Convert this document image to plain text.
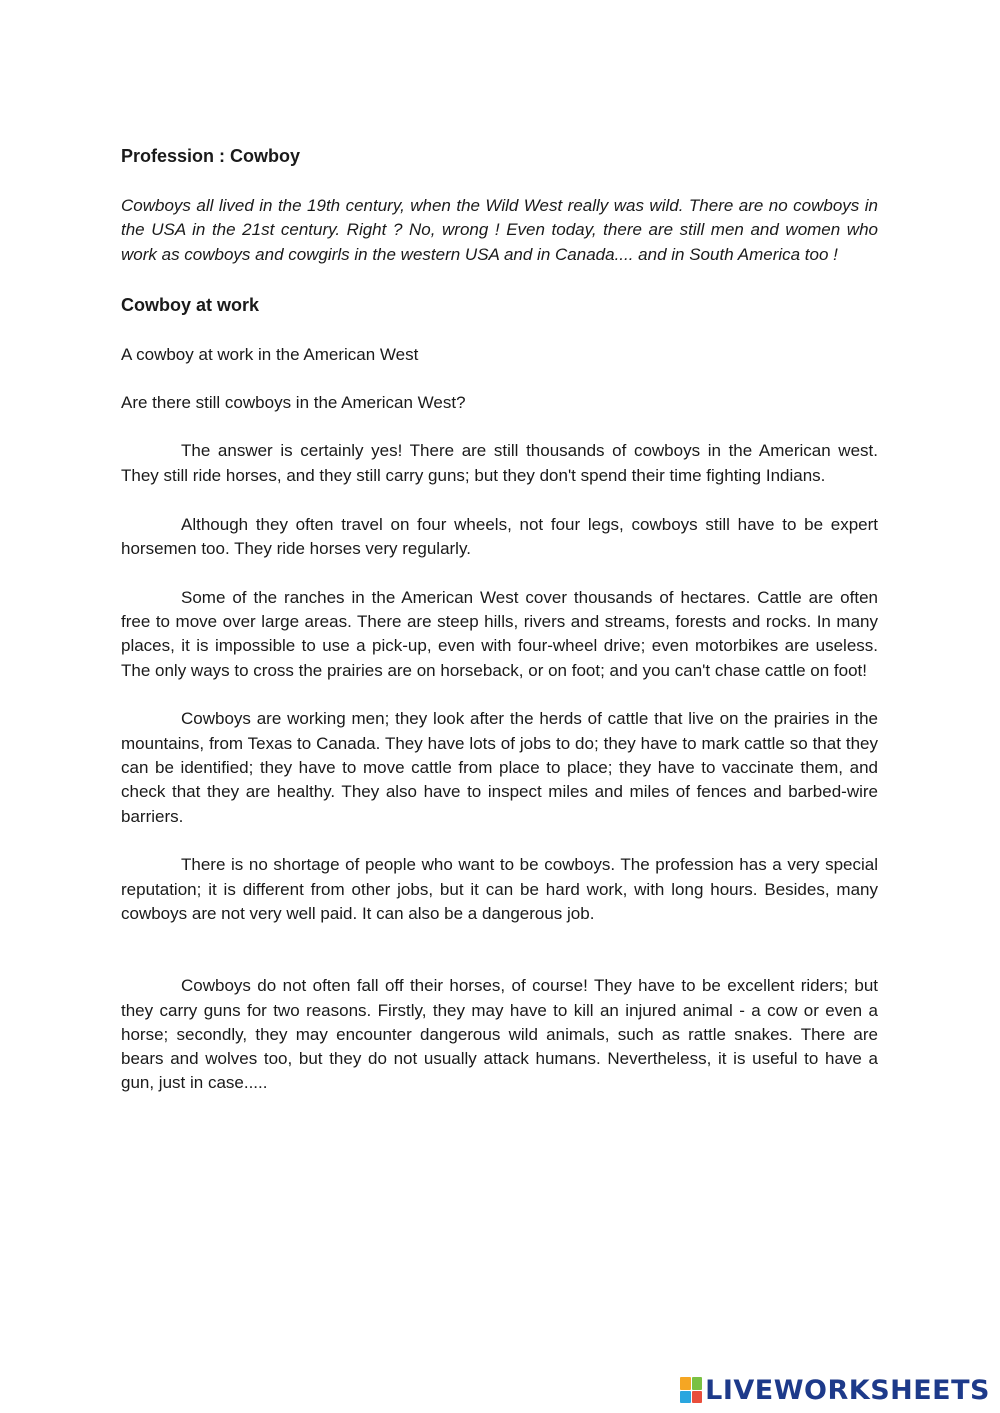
Profession : Cowboy
Cowboys all lived in the 19th century, when the Wild West really was wild. There are no cowboys in the USA in the 21st century. Right ? No, wrong ! Even today, there are still men and women who work as cowboys and cowgirls in the western USA and in Canada.... and in South America too !
Cowboy at work
A cowboy at work in the American West
Are there still cowboys in the American West?

The answer is certainly yes! There are still thousands of cowboys in the American west. They still ride horses, and they still carry guns; but they don't spend their time fighting Indians.

Although they often travel on four wheels, not four legs, cowboys still have to be expert horsemen too. They ride horses very regularly.

Some of the ranches in the American West cover thousands of hectares. Cattle are often free to move over large areas. There are steep hills, rivers and streams, forests and rocks. In many places, it is impossible to use a pick-up, even with four-wheel drive; even motorbikes are useless. The only ways to cross the prairies are on horseback, or on foot; and you can't chase cattle on foot!

Cowboys are working men; they look after the herds of cattle that live on the prairies in the mountains, from Texas to Canada. They have lots of jobs to do; they have to mark cattle so that they can be identified; they have to move cattle from place to place; they have to vaccinate them, and check that they are healthy. They also have to inspect miles and miles of fences and barbed-wire barriers.

There is no shortage of people who want to be cowboys. The profession has a very special reputation; it is different from other jobs, but it can be hard work, with long hours. Besides, many cowboys are not very well paid. It can also be a dangerous job.

Cowboys do not often fall off their horses, of course! They have to be excellent riders; but they carry guns for two reasons. Firstly, they may have to kill an injured animal - a cow or even a horse; secondly, they may encounter dangerous wild animals, such as rattle snakes. There are bears and wolves too, but they do not usually attack humans. Nevertheless, it is useful to have a gun, just in case.....

LIVEWORKSHEETS
